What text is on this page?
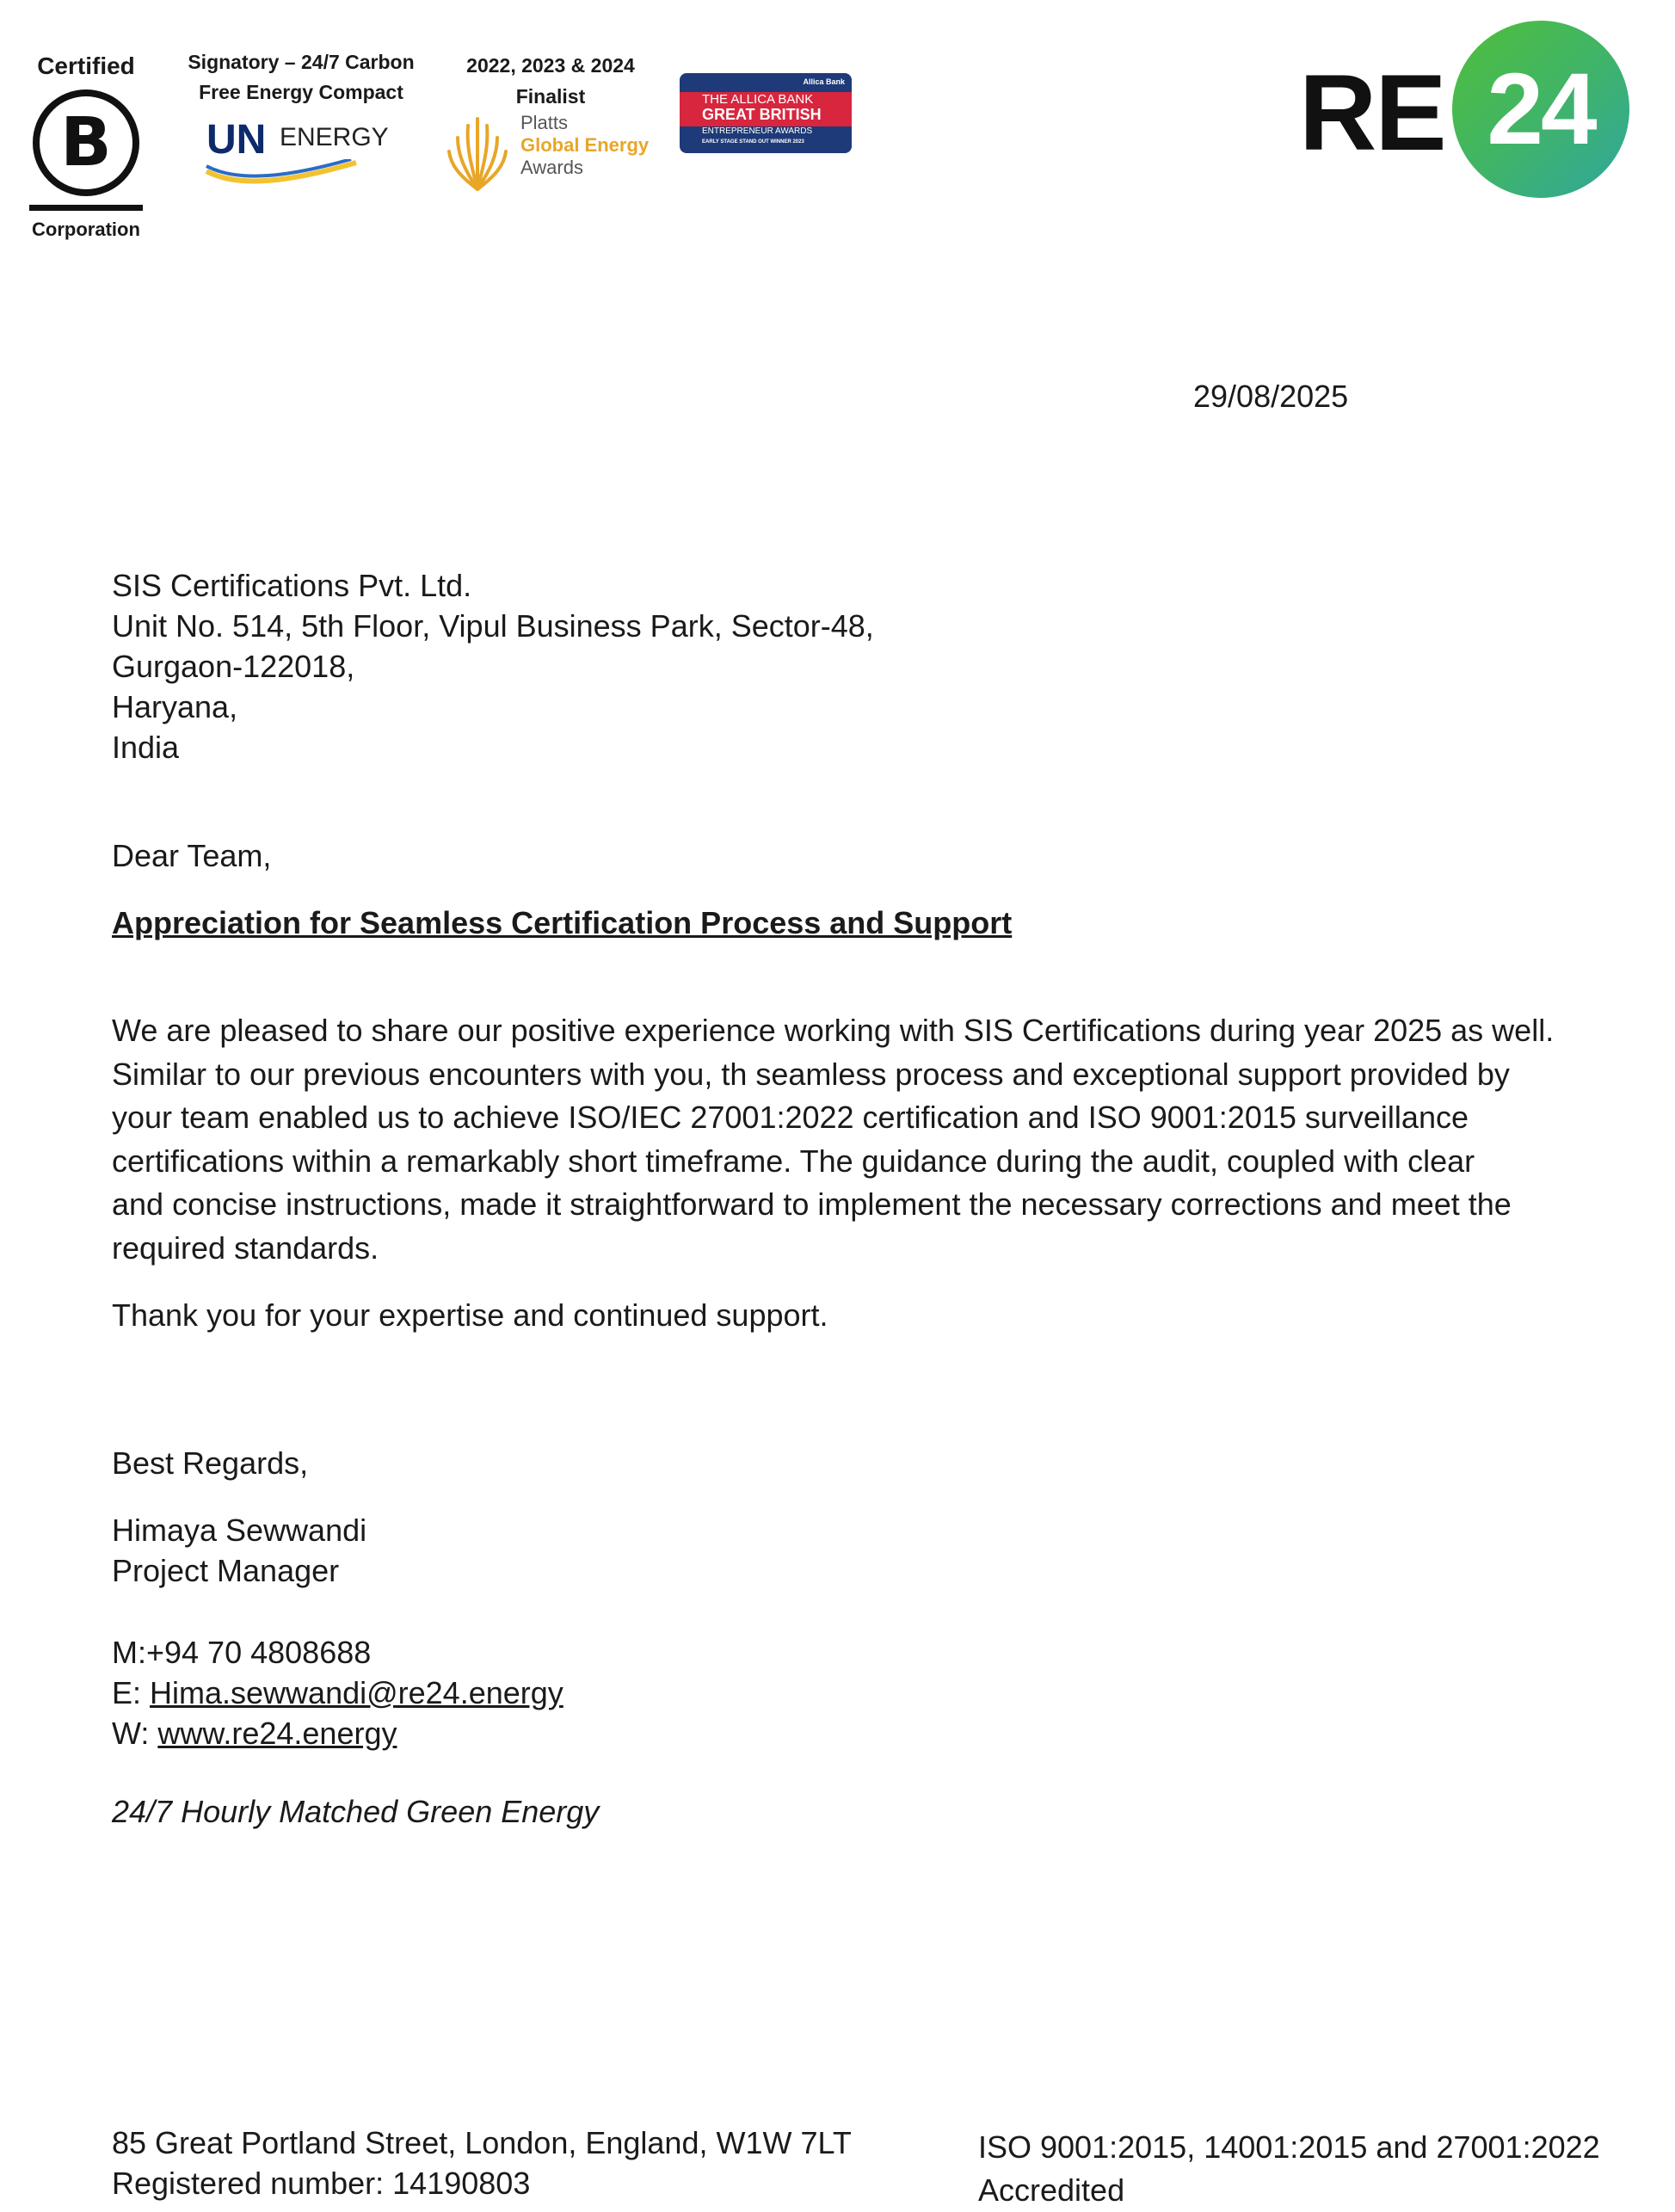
Certified
B
Corporation
Signatory – 24/7 Carbon
Free Energy Compact
UN ENERGY
2022, 2023 & 2024
Finalist
Platts
Global Energy
Awards
Allica Bank
THE ALLICA BANK
GREAT BRITISH
ENTREPRENEUR AWARDS
EARLY STAGE STAND OUT WINNER 2023	RE 24
29/08/2025
SIS Certifications Pvt. Ltd.
Unit No. 514, 5th Floor, Vipul Business Park, Sector-48,
Gurgaon-122018,
Haryana,
India
Dear Team,
Appreciation for Seamless Certification Process and Support
We are pleased to share our positive experience working with SIS Certifications during year 2025 as well.
Similar to our previous encounters with you, th seamless process and exceptional support provided by
your team enabled us to achieve ISO/IEC 27001:2022 certification and ISO 9001:2015 surveillance
certifications within a remarkably short timeframe. The guidance during the audit, coupled with clear
and concise instructions, made it straightforward to implement the necessary corrections and meet the
required standards.
Thank you for your expertise and continued support.
Best Regards,
Himaya Sewwandi
Project Manager
M:+94 70 4808688
E: Hima.sewwandi@re24.energy
W: www.re24.energy
24/7 Hourly Matched Green Energy
85 Great Portland Street, London, England, W1W 7LT
Registered number: 14190803
ISO 9001:2015, 14001:2015 and 27001:2022
Accredited
